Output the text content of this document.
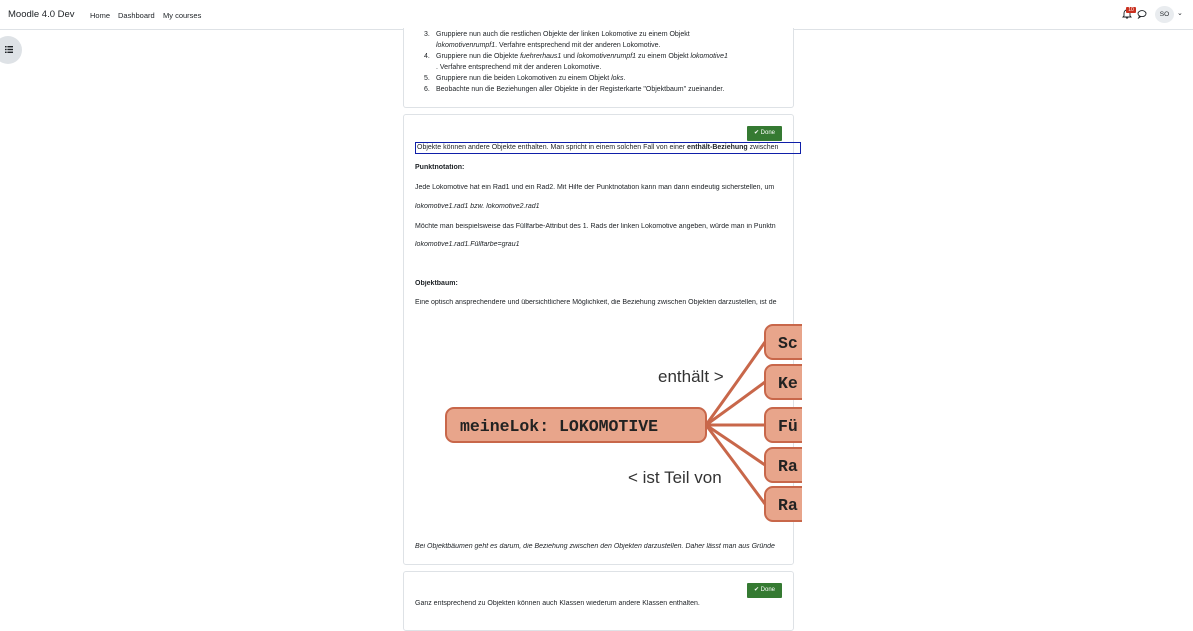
Moodle 4.0 Dev Home Dashboard My courses
10
SO	⌄
3. Gruppiere nun auch die restlichen Objekte der linken Lokomotive zu einem Objekt
lokomotivenrumpf1. Verfahre entsprechend mit der anderen Lokomotive.
4. Gruppiere nun die Objekte fuehrerhaus1 und lokomotivenrumpf1 zu einem Objekt lokomotive1
. Verfahre entsprechend mit der anderen Lokomotive.
5. Gruppiere nun die beiden Lokomotiven zu einem Objekt loks.
6. Beobachte nun die Beziehungen aller Objekte in der Registerkarte "Objektbaum" zueinander.
✔ Done
Objekte können andere Objekte enthalten. Man spricht in einem solchen Fall von einer enthält-Beziehung zwischen
Punktnotation:
Jede Lokomotive hat ein Rad1 und ein Rad2. Mit Hilfe der Punktnotation kann man dann eindeutig sicherstellen, um
lokomotive1.rad1 bzw. lokomotive2.rad1
Möchte man beispielsweise das Füllfarbe-Attribut des 1. Rads der linken Lokomotive angeben, würde man in Punktn
lokomotive1.rad1.Füllfarbe=grau1
Objektbaum:
Eine optisch ansprechendere und übersichtlichere Möglichkeit, die Beziehung zwischen Objekten darzustellen, ist de
enthält >
< ist Teil von
meineLok: LOKOMOTIVE
Sc
Ke
Fü
Ra
Ra
Bei Objektbäumen geht es darum, die Beziehung zwischen den Objekten darzustellen. Daher lässt man aus Gründe
✔ Done
Ganz entsprechend zu Objekten können auch Klassen wiederum andere Klassen enthalten.
